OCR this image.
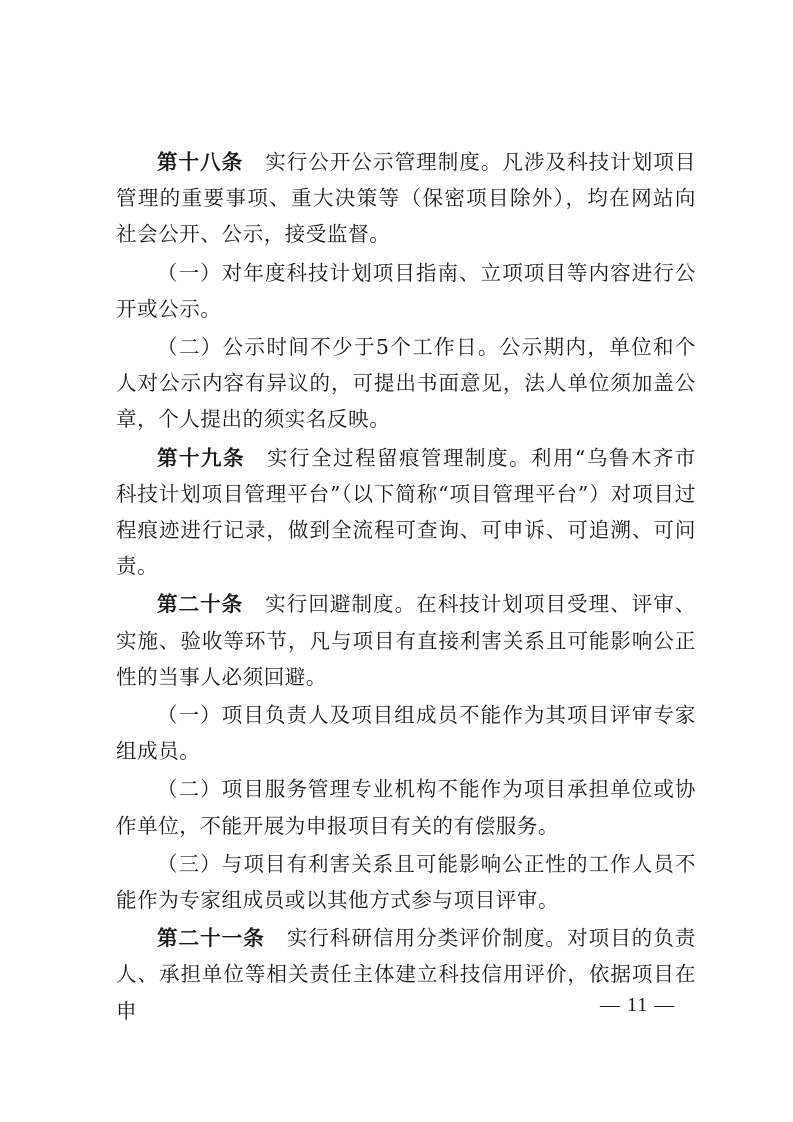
第十八条 实行公开公示管理制度。凡涉及科技计划项目管理的重要事项、重大决策等（保密项目除外），均在网站向社会公开、公示，接受监督。

（一）对年度科技计划项目指南、立项项目等内容进行公开或公示。

（二）公示时间不少于5个工作日。公示期内，单位和个人对公示内容有异议的，可提出书面意见，法人单位须加盖公章，个人提出的须实名反映。

第十九条 实行全过程留痕管理制度。利用“乌鲁木齐市科技计划项目管理平台”（以下简称“项目管理平台”）对项目过程痕迹进行记录，做到全流程可查询、可申诉、可追溯、可问责。

第二十条 实行回避制度。在科技计划项目受理、评审、实施、验收等环节，凡与项目有直接利害关系且可能影响公正性的当事人必须回避。

（一）项目负责人及项目组成员不能作为其项目评审专家组成员。

（二）项目服务管理专业机构不能作为项目承担单位或协作单位，不能开展为申报项目有关的有偿服务。

（三）与项目有利害关系且可能影响公正性的工作人员不能作为专家组成员或以其他方式参与项目评审。

第二十一条 实行科研信用分类评价制度。对项目的负责人、承担单位等相关责任主体建立科技信用评价，依据项目在申	— 11 —
